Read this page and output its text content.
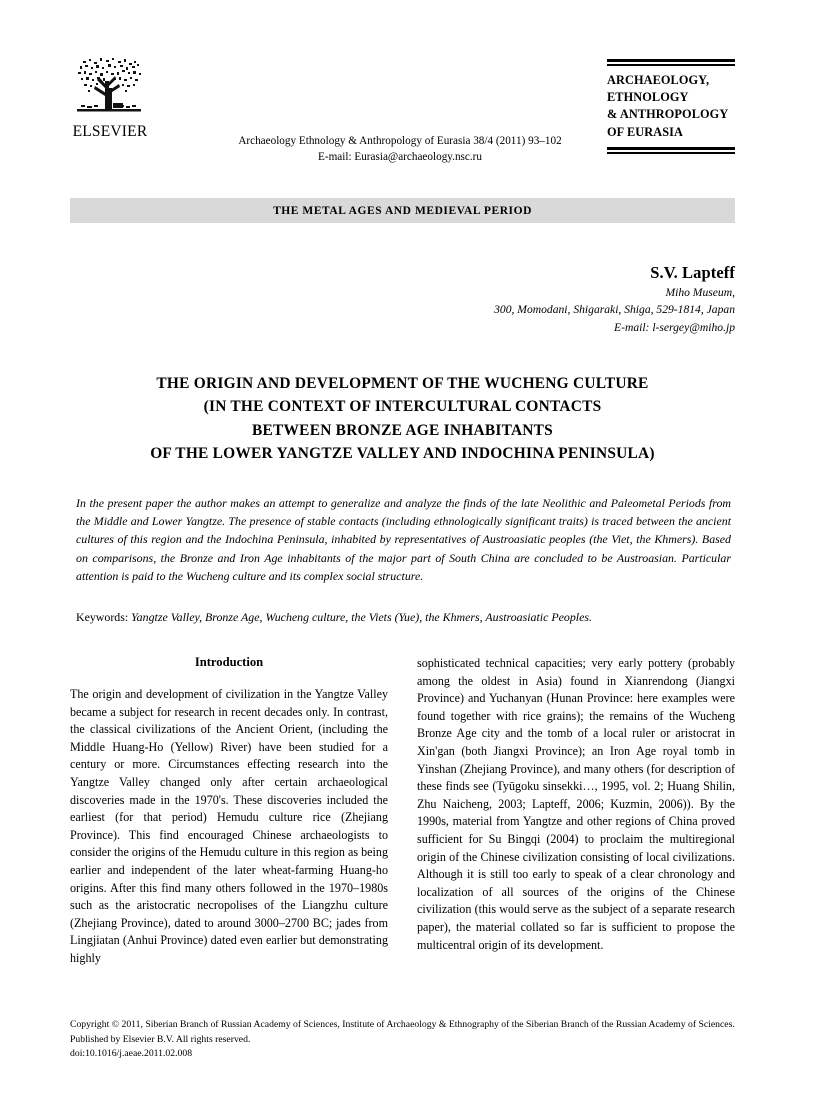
ELSEVIER
Archaeology Ethnology & Anthropology of Eurasia 38/4 (2011) 93–102
E-mail: Eurasia@archaeology.nsc.ru
ARCHAEOLOGY,
ETHNOLOGY
& ANTHROPOLOGY
OF EURASIA
THE METAL AGES AND MEDIEVAL PERIOD
S.V. Lapteff
Miho Museum,
300, Momodani, Shigaraki, Shiga, 529-1814, Japan
E-mail: l-sergey@miho.jp
THE ORIGIN AND DEVELOPMENT OF THE WUCHENG CULTURE
(IN THE CONTEXT OF INTERCULTURAL CONTACTS
BETWEEN BRONZE AGE INHABITANTS
OF THE LOWER YANGTZE VALLEY AND INDOCHINA PENINSULA)
In the present paper the author makes an attempt to generalize and analyze the finds of the late Neolithic and Paleometal Periods from the Middle and Lower Yangtze. The presence of stable contacts (including ethnologically significant traits) is traced between the ancient cultures of this region and the Indochina Peninsula, inhabited by representatives of Austroasiatic peoples (the Viet, the Khmers). Based on comparisons, the Bronze and Iron Age inhabitants of the major part of South China are concluded to be Austroasian. Particular attention is paid to the Wucheng culture and its complex social structure.
Keywords: Yangtze Valley, Bronze Age, Wucheng culture, the Viets (Yue), the Khmers, Austroasiatic Peoples.
Introduction

The origin and development of civilization in the Yangtze Valley became a subject for research in recent decades only. In contrast, the classical civilizations of the Ancient Orient, (including the Middle Huang-Ho (Yellow) River) have been studied for a century or more. Circumstances effecting research into the Yangtze Valley changed only after certain archaeological discoveries made in the 1970's. These discoveries included the earliest (for that period) Hemudu culture rice (Zhejiang Province). This find encouraged Chinese archaeologists to consider the origins of the Hemudu culture in this region as being earlier and independent of the later wheat-farming Huang-ho origins. After this find many others followed in the 1970–1980s such as the aristocratic necropolises of the Liangzhu culture (Zhejiang Province), dated to around 3000–2700 BC; jades from Lingjiatan (Anhui Province) dated even earlier but demonstrating highly

sophisticated technical capacities; very early pottery (probably among the oldest in Asia) found in Xianrendong (Jiangxi Province) and Yuchanyan (Hunan Province: here examples were found together with rice grains); the remains of the Wucheng Bronze Age city and the tomb of a local ruler or aristocrat in Xin'gan (both Jiangxi Province); an Iron Age royal tomb in Yinshan (Zhejiang Province), and many others (for description of these finds see (Tyūgoku sinsekki…, 1995, vol. 2; Huang Shilin, Zhu Naicheng, 2003; Lapteff, 2006; Kuzmin, 2006)). By the 1990s, material from Yangtze and other regions of China proved sufficient for Su Bingqi (2004) to proclaim the multiregional origin of the Chinese civilization consisting of local civilizations. Although it is still too early to speak of a clear chronology and localization of all sources of the origins of the Chinese civilization (this would serve as the subject of a separate research paper), the material collated so far is sufficient to propose the multicentral origin of its development.

Copyright © 2011, Siberian Branch of Russian Academy of Sciences, Institute of Archaeology & Ethnography of the Siberian Branch of the Russian Academy of Sciences. Published by Elsevier B.V. All rights reserved.
doi:10.1016/j.aeae.2011.02.008
